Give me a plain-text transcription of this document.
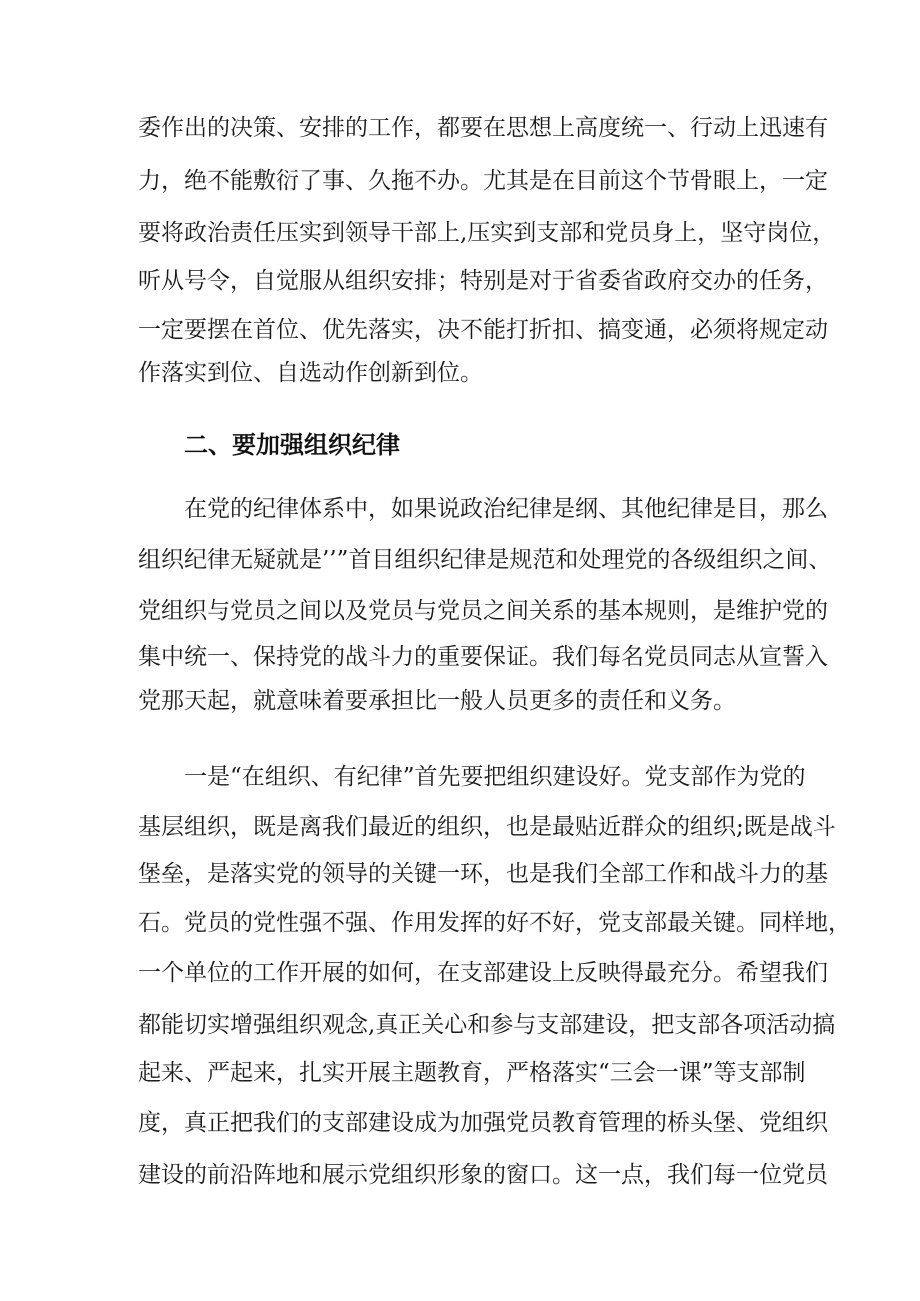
委作出的决策、安排的工作，都要在思想上高度统一、行动上迅速有
力，绝不能敷衍了事、久拖不办。尤其是在目前这个节骨眼上，一定
要将政治责任压实到领导干部上,压实到支部和党员身上，坚守岗位，
听从号令，自觉服从组织安排；特别是对于省委省政府交办的任务，
一定要摆在首位、优先落实，决不能打折扣、搞变通，必须将规定动
作落实到位、自选动作创新到位。
二、要加强组织纪律
在党的纪律体系中，如果说政治纪律是纲、其他纪律是目，那么
组织纪律无疑就是’’”首目组织纪律是规范和处理党的各级组织之间、
党组织与党员之间以及党员与党员之间关系的基本规则，是维护党的
集中统一、保持党的战斗力的重要保证。我们每名党员同志从宣誓入
党那天起，就意味着要承担比一般人员更多的责任和义务。
一是“在组织、有纪律”首先要把组织建设好。党支部作为党的
基层组织，既是离我们最近的组织，也是最贴近群众的组织;既是战斗
堡垒，是落实党的领导的关键一环，也是我们全部工作和战斗力的基
石。党员的党性强不强、作用发挥的好不好，党支部最关键。同样地，
一个单位的工作开展的如何，在支部建设上反映得最充分。希望我们
都能切实增强组织观念,真正关心和参与支部建设，把支部各项活动搞
起来、严起来，扎实开展主题教育，严格落实“三会一课”等支部制
度，真正把我们的支部建设成为加强党员教育管理的桥头堡、党组织
建设的前沿阵地和展示党组织形象的窗口。这一点，我们每一位党员
